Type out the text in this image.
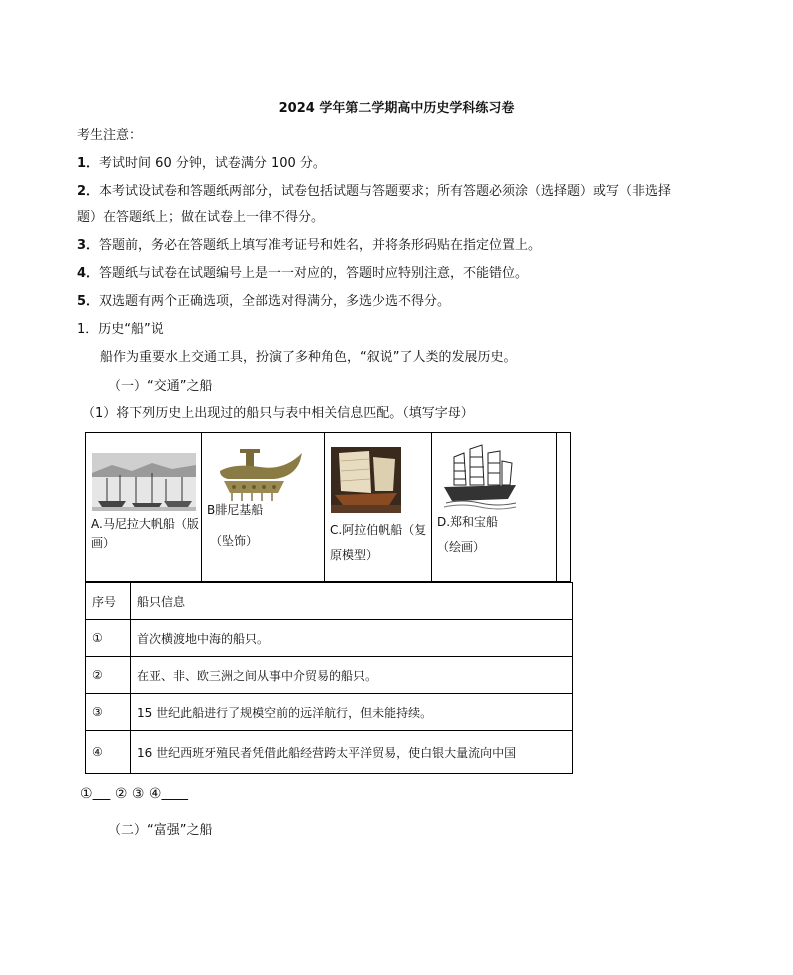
2024 学年第二学期高中历史学科练习卷
考生注意：
1．考试时间 60 分钟，试卷满分 100 分。
2．本考试设试卷和答题纸两部分，试卷包括试题与答题要求；所有答题必须涂（选择题）或写（非选择
题）在答题纸上；做在试卷上一律不得分。
3．答题前，务必在答题纸上填写准考证号和姓名，并将条形码贴在指定位置上。
4．答题纸与试卷在试题编号上是一一对应的，答题时应特别注意，不能错位。
5．双选题有两个正确选项，全部选对得满分，多选少选不得分。
1．历史“船”说
船作为重要水上交通工具，扮演了多种角色，“叙说”了人类的发展历史。
（一）“交通”之船
（1）将下列历史上出现过的船只与表中相关信息匹配。（填写字母）
A.马尼拉大帆船（版
画）

B腓尼基船
（坠饰）

C.阿拉伯帆船（复
原模型）

D.郑和宝船
（绘画）

序号	船只信息
①	首次横渡地中海的船只。
②	在亚、非、欧三洲之间从事中介贸易的船只。
③	15 世纪此船进行了规模空前的远洋航行，但未能持续。
④	16 世纪西班牙殖民者凭借此船经营跨太平洋贸易，使白银大量流向中国
① ② ③ ④
（二）“富强”之船
